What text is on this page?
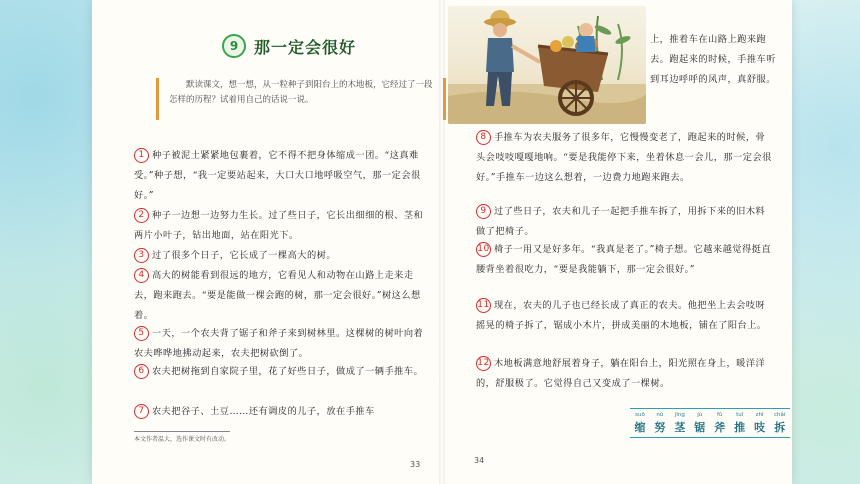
9 那一定会很好
默读课文，想一想，从一粒种子到阳台上的木地板，它经过了一段怎样的历程？试着用自己的话说一说。
1 种子被泥土紧紧地包裹着，它不得不把身体缩成一团。“这真难受。”种子想，“我一定要站起来，大口大口地呼吸空气，那一定会很好。”
2 种子一边想一边努力生长。过了些日子，它长出细细的根、茎和两片小叶子，钻出地面，站在阳光下。
3 过了很多个日子，它长成了一棵高大的树。
4 高大的树能看到很远的地方，它看见人和动物在山路上走来走去，跑来跑去。“要是能做一棵会跑的树，那一定会很好。”树这么想着。
5 一天，一个农夫背了锯子和斧子来到树林里。这棵树的树叶向着农夫哗哗地拂动起来，农夫把树砍倒了。
6 农夫把树拖到自家院子里，花了好些日子，做成了一辆手推车。
7 农夫把谷子、土豆……还有调皮的儿子，放在手推车
本文作者温大，选作课文时有改动。
33
上，推着车在山路上跑来跑去。跑起来的时候，手推车听到耳边呼呼的风声，真舒服。
8 手推车为农夫服务了很多年，它慢慢变老了，跑起来的时候，骨头会吱吱嘎嘎地响。“要是我能停下来，坐着休息一会儿，那一定会很好。”手推车一边这么想着，一边费力地跑来跑去。
9 过了些日子，农夫和儿子一起把手推车拆了，用拆下来的旧木料做了把椅子。
10 椅子一用又是好多年。“我真是老了。”椅子想。它越来越觉得挺直腰背坐着很吃力，“要是我能躺下，那一定会很好。”
11 现在，农夫的儿子也已经长成了真正的农夫。他把坐上去会吱呀摇晃的椅子拆了，锯成小木片，拼成美丽的木地板，铺在了阳台上。
12 木地板满意地舒展着身子，躺在阳台上，阳光照在身上，暖洋洋的，舒服极了。它觉得自己又变成了一棵树。
suō
缩
nǔ
努
jīng
茎
jù
锯
fǔ
斧
tuī
推
zhī
吱
chāi
拆
34
